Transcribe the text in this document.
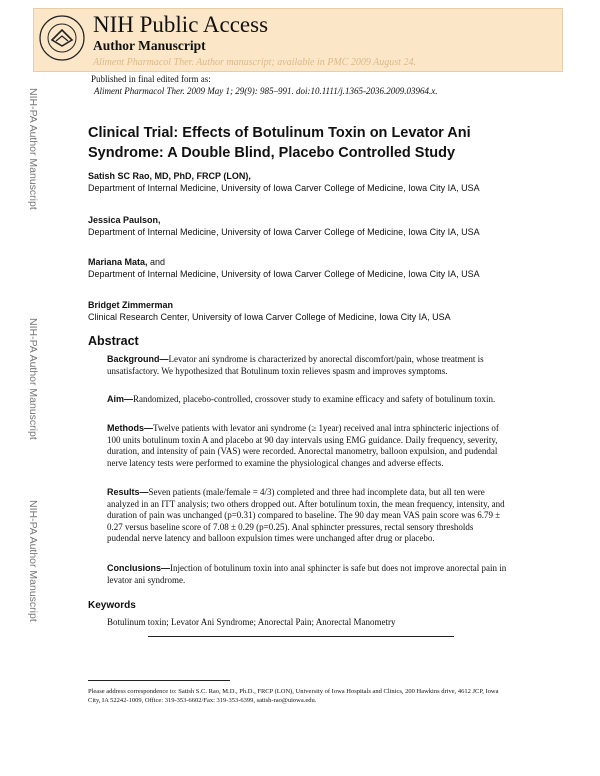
NIH Public Access
Author Manuscript
Aliment Pharmacol Ther. Author manuscript; available in PMC 2009 August 24.
Published in final edited form as:
Aliment Pharmacol Ther. 2009 May 1; 29(9): 985–991. doi:10.1111/j.1365-2036.2009.03964.x.
NIH-PA Author Manuscript
NIH-PA Author Manuscript
NIH-PA Author Manuscript
Clinical Trial: Effects of Botulinum Toxin on Levator Ani Syndrome: A Double Blind, Placebo Controlled Study
Satish SC Rao, MD, PhD, FRCP (LON),
Department of Internal Medicine, University of Iowa Carver College of Medicine, Iowa City IA, USA
Jessica Paulson,
Department of Internal Medicine, University of Iowa Carver College of Medicine, Iowa City IA, USA
Mariana Mata, and
Department of Internal Medicine, University of Iowa Carver College of Medicine, Iowa City IA, USA
Bridget Zimmerman
Clinical Research Center, University of Iowa Carver College of Medicine, Iowa City IA, USA
Abstract
Background—Levator ani syndrome is characterized by anorectal discomfort/pain, whose treatment is unsatisfactory. We hypothesized that Botulinum toxin relieves spasm and improves symptoms.
Aim—Randomized, placebo-controlled, crossover study to examine efficacy and safety of botulinum toxin.
Methods—Twelve patients with levator ani syndrome (≥ 1year) received anal intra sphincteric injections of 100 units botulinum toxin A and placebo at 90 day intervals using EMG guidance. Daily frequency, severity, duration, and intensity of pain (VAS) were recorded. Anorectal manometry, balloon expulsion, and pudendal nerve latency tests were performed to examine the physiological changes and adverse effects.
Results—Seven patients (male/female = 4/3) completed and three had incomplete data, but all ten were analyzed in an ITT analysis; two others dropped out. After botulinum toxin, the mean frequency, intensity, and duration of pain was unchanged (p=0.31) compared to baseline. The 90 day mean VAS pain score was 6.79 ± 0.27 versus baseline score of 7.08 ± 0.29 (p=0.25). Anal sphincter pressures, rectal sensory thresholds pudendal nerve latency and balloon expulsion times were unchanged after drug or placebo.
Conclusions—Injection of botulinum toxin into anal sphincter is safe but does not improve anorectal pain in levator ani syndrome.
Keywords
Botulinum toxin; Levator Ani Syndrome; Anorectal Pain; Anorectal Manometry
Please address correspondence to: Satish S.C. Rao, M.D., Ph.D., FRCP (LON), University of Iowa Hospitals and Clinics, 200 Hawkins drive, 4612 JCP, Iowa City, IA 52242-1009, Office: 319-353-6602/Fax: 319-353-6399, satish-rao@uiowa.edu.
